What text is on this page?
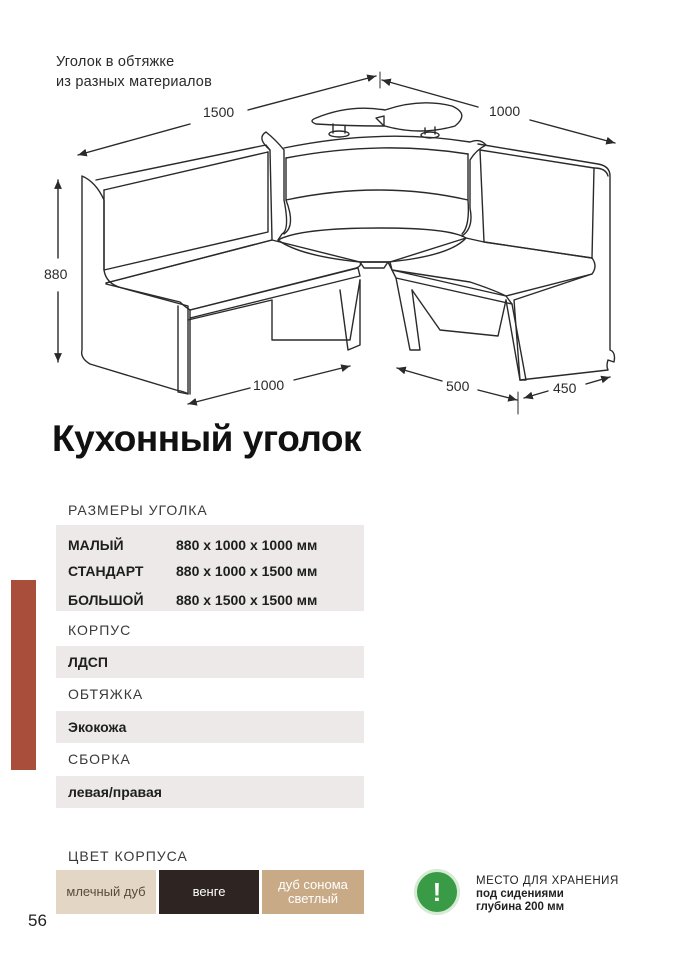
Уголок в обтяжке
из разных материалов
1500	1000
880
1000	500	450
Кухонный уголок
РАЗМЕРЫ УГОЛКА
МАЛЫЙ	880 x 1000 x 1000 мм
СТАНДАРТ 880 x 1000 x 1500 мм
БОЛЬШОЙ 880 x 1500 x 1500 мм
КОРПУС
ЛДСП
ОБТЯЖКА
Экокожа
СБОРКА
левая/правая
ЦВЕТ КОРПУСА
млечный дуб	венге	дуб сонома светлый	!	МЕСТО ДЛЯ ХРАНЕНИЯ
под сидениями
глубина 200 мм
56
